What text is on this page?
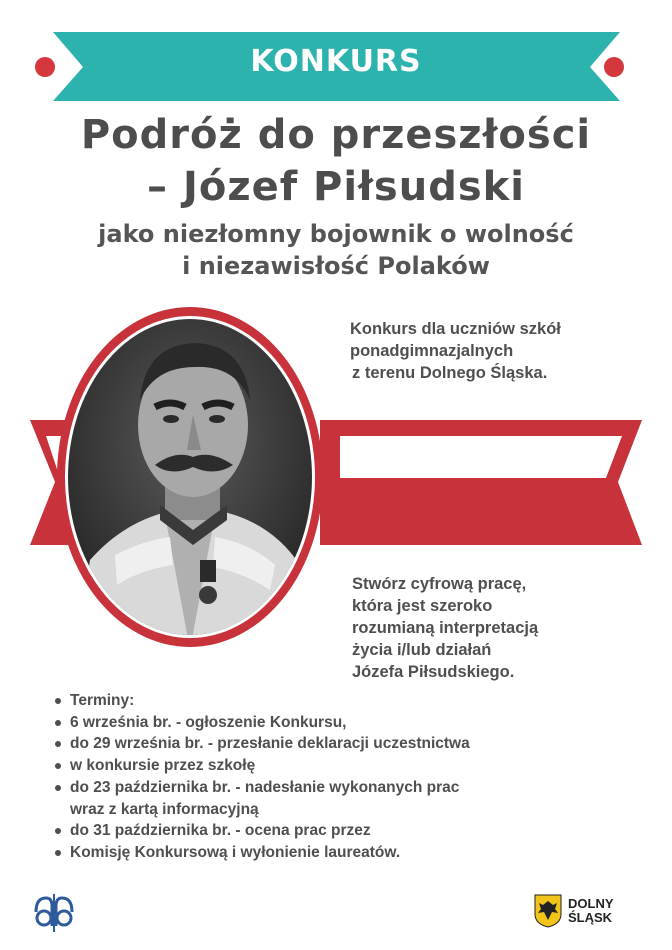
KONKURS
Podróż do przeszłości
– Józef Piłsudski
jako niezłomny bojownik o wolność
i niezawisłość Polaków
Konkurs dla uczniów szkół
ponadgimnazjalnych
z terenu Dolnego Śląska.
Stwórz cyfrową pracę,
która jest szeroko
rozumianą interpretacją
życia i/lub działań
Józefa Piłsudskiego.
Terminy:
6 września br. - ogłoszenie Konkursu,
do 29 września br. - przesłanie deklaracji uczestnictwa
w konkursie przez szkołę
do 23 października br. - nadesłanie wykonanych prac
wraz z kartą informacyjną
do 31 października br. - ocena prac przez
Komisję Konkursową i wyłonienie laureatów.
DOLNY
ŚLĄSK
